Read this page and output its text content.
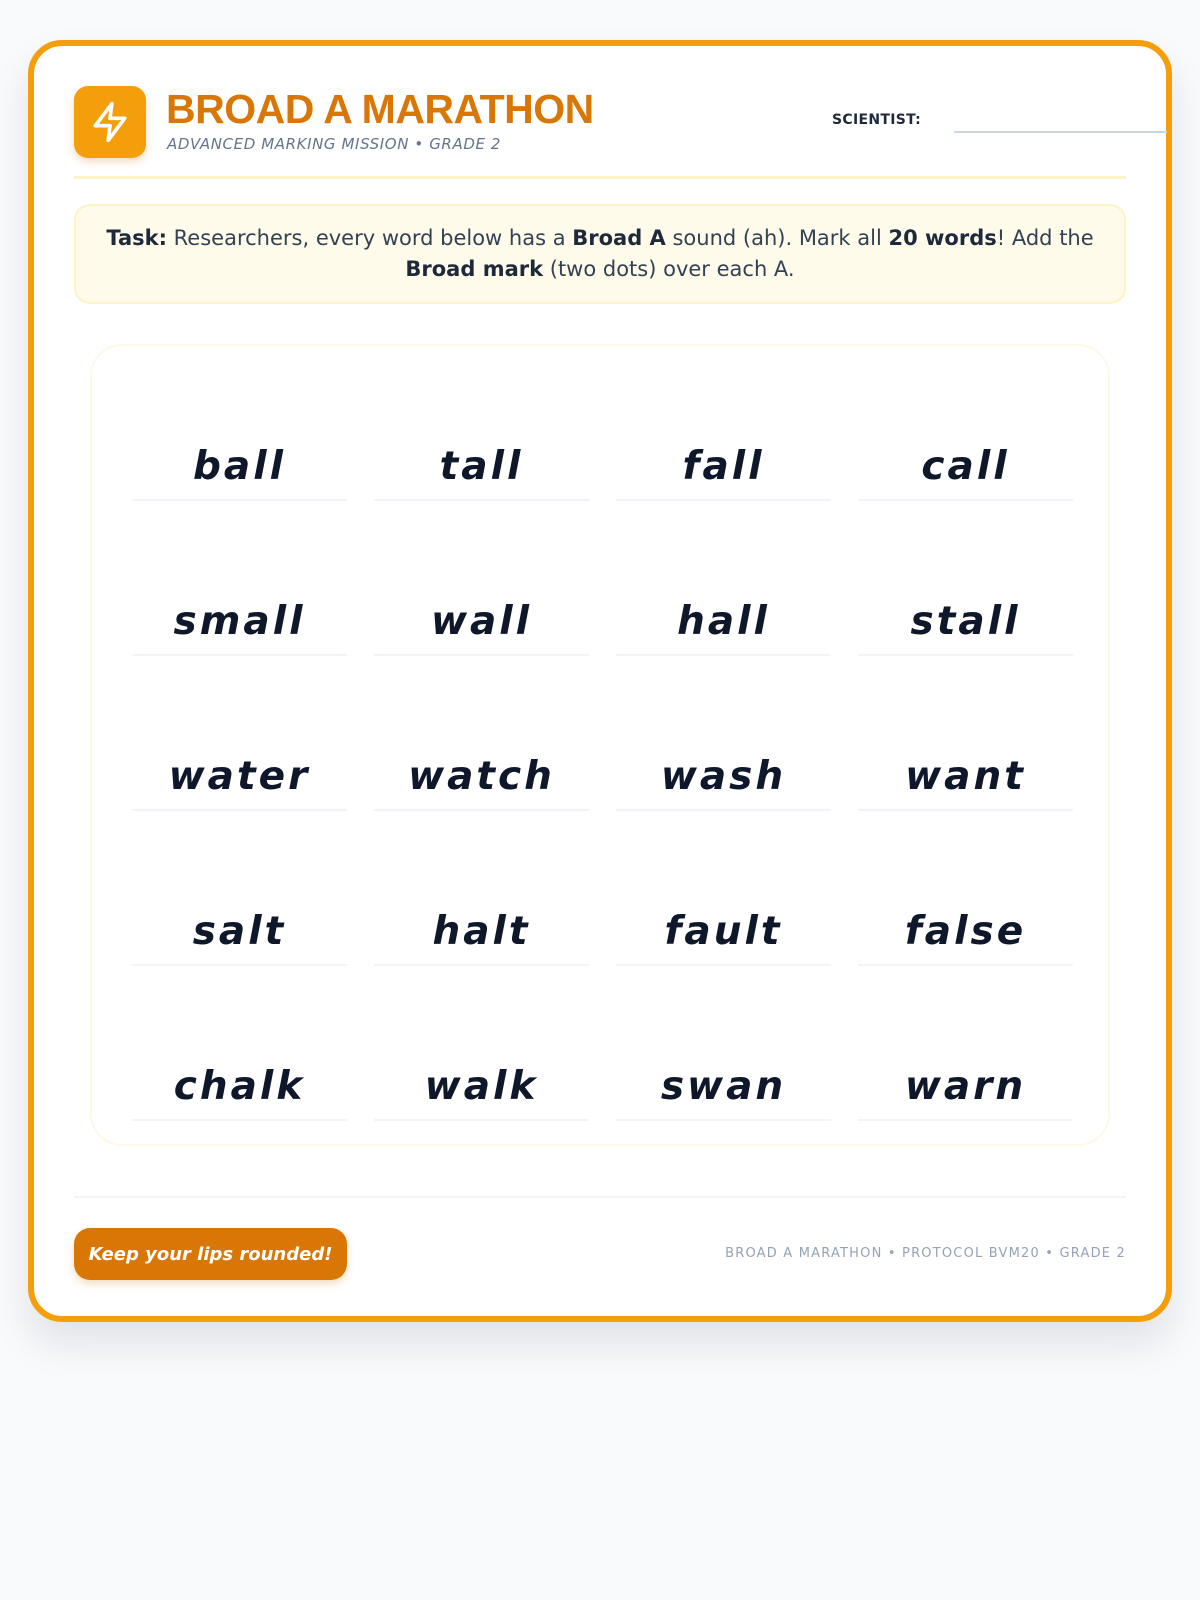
BROAD A MARATHON
ADVANCED MARKING MISSION • GRADE 2
SCIENTIST:
Task: Researchers, every word below has a Broad A sound (ah). Mark all 20 words! Add the Broad mark (two dots) over each A.
ball	tall	fall	call
small	wall	hall	stall
water	watch	wash	want
salt	halt	fault	false
chalk	walk	swan	warn
Keep your lips rounded!	BROAD A MARATHON • PROTOCOL BVM20 • GRADE 2
